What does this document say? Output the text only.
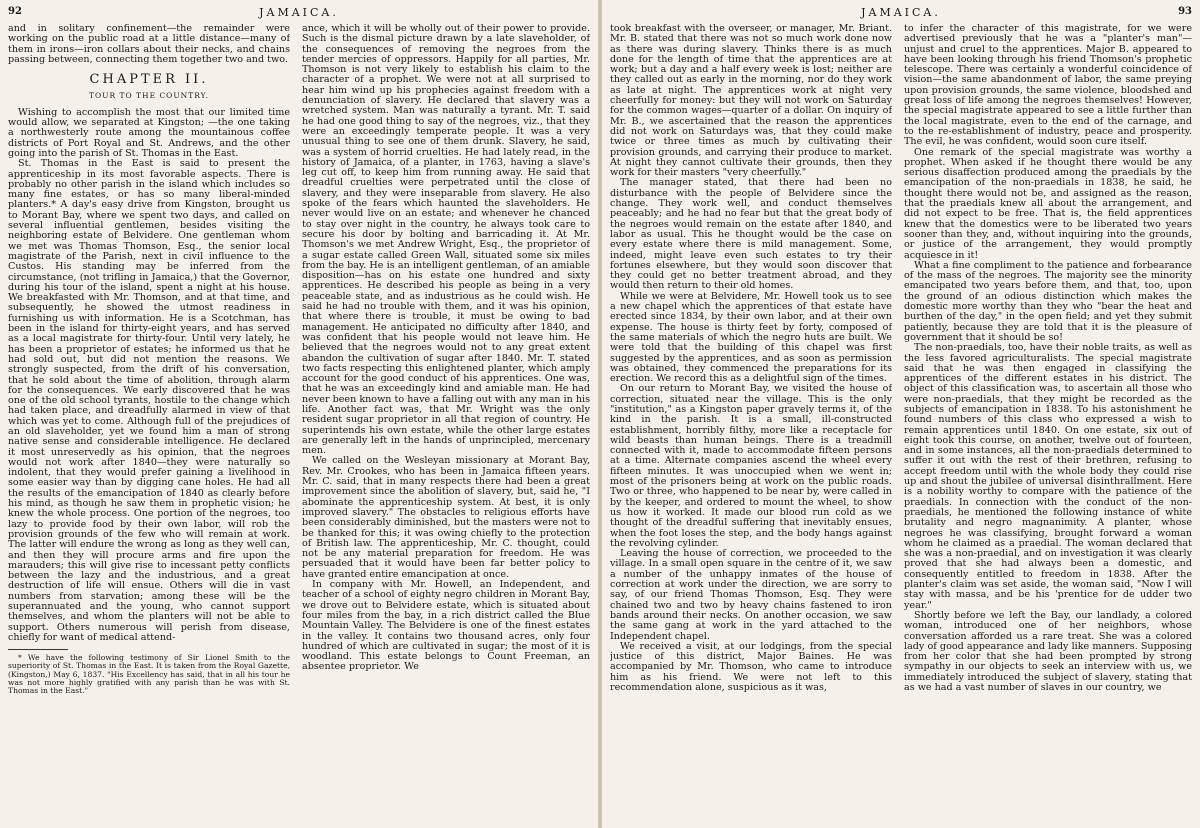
92	JAMAICA.

and in solitary confinement—the remainder were working on the public road at a little distance—many of them in irons—iron collars about their necks, and chains passing between, connecting them together two and two.

CHAPTER II.
TOUR TO THE COUNTRY.

Wishing to accomplish the most that our limited time would allow, we separated at Kingston; —the one taking a northwesterly route among the mountainous coffee districts of Port Royal and St. Andrews, and the other going into the parish of St. Thomas in the East.

St. Thomas in the East is said to present the apprenticeship in its most favorable aspects. There is probably no other parish in the island which includes so many fine estates, or has so many liberal-minded planters.* A day's easy drive from Kingston, brought us to Morant Bay, where we spent two days, and called on several influential gentlemen, besides visiting the neighboring estate of Belvidere. One gentleman whom we met was Thomas Thomson, Esq., the senior local magistrate of the Parish, next in civil influence to the Custos. His standing may be inferred from the circumstance, (not trifling in Jamaica,) that the Governor, during his tour of the island, spent a night at his house. We breakfasted with Mr. Thomson, and at that time, and subsequently, he showed the utmost readiness in furnishing us with information. He is a Scotchman, has been in the island for thirty-eight years, and has served as a local magistrate for thirty-four. Until very lately, he has been a proprietor of estates; he informed us that he had sold out, but did not mention the reasons. We strongly suspected, from the drift of his conversation, that he sold about the time of abolition, through alarm for the consequences. We early discovered that he was one of the old school tyrants, hostile to the change which had taken place, and dreadfully alarmed in view of that which was yet to come. Although full of the prejudices of an old slaveholder, yet we found him a man of strong native sense and considerable intelligence. He declared it most unreservedly as his opinion, that the negroes would not work after 1840—they were naturally so indolent, that they would prefer gaining a livelihood in some easier way than by digging cane holes. He had all the results of the emancipation of 1840 as clearly before his mind, as though he saw them in prophetic vision; he knew the whole process. One portion of the negroes, too lazy to provide food by their own labor, will rob the provision grounds of the few who will remain at work. The latter will endure the wrong as long as they well can, and then they will procure arms and fire upon the marauders; this will give rise to incessant petty conflicts between the lazy and the industrious, and a great destruction of life will ensue. Others will die in vast numbers from starvation; among these will be the superannuated and the young, who cannot support themselves, and whom the planters will not be able to support. Others numerous will perish from disease, chiefly for want of medical attend-

* We have the following testimony of Sir Lionel Smith to the superiority of St. Thomas in the East. It is taken from the Royal Gazette, (Kingston,) May 6, 1837. "His Excellency has said, that in all his tour he was not more highly gratified with any parish than he was with St. Thomas in the East."

ance, which it will be wholly out of their power to provide. Such is the dismal picture drawn by a late slaveholder, of the consequences of removing the negroes from the tender mercies of oppressors. Happily for all parties, Mr. Thomson is not very likely to establish his claim to the character of a prophet. We were not at all surprised to hear him wind up his prophecies against freedom with a denunciation of slavery. He declared that slavery was a wretched system. Man was naturally a tyrant. Mr. T. said he had one good thing to say of the negroes, viz., that they were an exceedingly temperate people. It was a very unusual thing to see one of them drunk. Slavery, he said, was a system of horrid cruelties. He had lately read, in the history of Jamaica, of a planter, in 1763, having a slave's leg cut off, to keep him from running away. He said that dreadful cruelties were perpetrated until the close of slavery, and they were inseparable from slavery. He also spoke of the fears which haunted the slaveholders. He never would live on an estate; and whenever he chanced to stay over night in the country, he always took care to secure his door by bolting and barricading it. At Mr. Thomson's we met Andrew Wright, Esq., the proprietor of a sugar estate called Green Wall, situated some six miles from the bay. He is an intelligent gentleman, of an amiable disposition—has on his estate one hundred and sixty apprentices. He described his people as being in a very peaceable state, and as industrious as he could wish. He said he had no trouble with them, and it was his opinion, that where there is trouble, it must be owing to bad management. He anticipated no difficulty after 1840, and was confident that his people would not leave him. He believed that the negroes would not to any great extent abandon the cultivation of sugar after 1840. Mr. T. stated two facts respecting this enlightened planter, which amply account for the good conduct of his apprentices. One was, that he was an exceedingly kind and amiable man. He had never been known to have a falling out with any man in his life. Another fact was, that Mr. Wright was the only resident sugar proprietor in all that region of country. He superintends his own estate, while the other large estates are generally left in the hands of unprincipled, mercenary men.

We called on the Wesleyan missionary at Morant Bay, Rev. Mr. Crookes, who has been in Jamaica fifteen years. Mr. C. said, that in many respects there had been a great improvement since the abolition of slavery, but, said he, "I abominate the apprenticeship system. At best, it is only improved slavery." The obstacles to religious efforts have been considerably diminished, but the masters were not to be thanked for this; it was owing chiefly to the protection of British law. The apprenticeship, Mr. C. thought, could not be any material preparation for freedom. He was persuaded that it would have been far better policy to have granted entire emancipation at once.

In company with Mr. Howell, an Independent, and teacher of a school of eighty negro children in Morant Bay, we drove out to Belvidere estate, which is situated about four miles from the bay, in a rich district called the Blue Mountain Valley. The Belvidere is one of the finest estates in the valley. It contains two thousand acres, only four hundred of which are cultivated in sugar; the most of it is woodland. This estate belongs to Count Freeman, an absentee proprietor. We

JAMAICA.	93

took breakfast with the overseer, or manager, Mr. Briant. Mr. B. stated that there was not so much work done now as there was during slavery. Thinks there is as much done for the length of time that the apprentices are at work; but a day and a half every week is lost; neither are they called out as early in the morning, nor do they work as late at night. The apprentices work at night very cheerfully for money: but they will not work on Saturday for the common wages—quarter of a dollar. On inquiry of Mr. B., we ascertained that the reason the apprentices did not work on Saturdays was, that they could make twice or three times as much by cultivating their provision grounds, and carrying their produce to market. At night they cannot cultivate their grounds, then they work for their masters "very cheerfully."

The manager stated, that there had been no disturbance with the people of Belvidere since the change. They work well, and conduct themselves peaceably; and he had no fear but that the great body of the negroes would remain on the estate after 1840, and labor as usual. This he thought would be the case on every estate where there is mild management. Some, indeed, might leave even such estates to try their fortunes elsewhere, but they would soon discover that they could get no better treatment abroad, and they would then return to their old homes.

While we were at Belvidere, Mr. Howell took us to see a new chapel which the apprentices of that estate have erected since 1834, by their own labor, and at their own expense. The house is thirty feet by forty, composed of the same materials of which the negro huts are built. We were told that the building of this chapel was first suggested by the apprentices, and as soon as permission was obtained, they commenced the preparations for its erection. We record this as a delightful sign of the times.

On our return to Morant Bay, we visited the house of correction, situated near the village. This is the only "institution," as a Kingston paper gravely terms it, of the kind in the parish. It is a small, ill-constructed establishment, horribly filthy, more like a receptacle for wild beasts than human beings. There is a treadmill connected with it, made to accommodate fifteen persons at a time. Alternate companies ascend the wheel every fifteen minutes. It was unoccupied when we went in; most of the prisoners being at work on the public roads. Two or three, who happened to be near by, were called in by the keeper, and ordered to mount the wheel, to show us how it worked. It made our blood run cold as we thought of the dreadful suffering that inevitably ensues, when the foot loses the step, and the body hangs against the revolving cylinder.

Leaving the house of correction, we proceeded to the village. In a small open square in the centre of it, we saw a number of the unhappy inmates of the house of correction at work under the direction, we are sorry to say, of our friend Thomas Thomson, Esq. They were chained two and two by heavy chains fastened to iron bands around their necks. On another occasion, we saw the same gang at work in the yard attached to the Independent chapel.

We received a visit, at our lodgings, from the special justice of this district, Major Baines. He was accompanied by Mr. Thomson, who came to introduce him as his friend. We were not left to this recommendation alone, suspicious as it was,

to infer the character of this magistrate, for we were advertised previously that he was a "planter's man"—unjust and cruel to the apprentices. Major B. appeared to have been looking through his friend Thomson's prophetic telescope. There was certainly a wonderful coincidence of vision—the same abandonment of labor, the same preying upon provision grounds, the same violence, bloodshed and great loss of life among the negroes themselves! However, the special magistrate appeared to see a little further than the local magistrate, even to the end of the carnage, and to the re-establishment of industry, peace and prosperity. The evil, he was confident, would soon cure itself.

One remark of the special magistrate was worthy a prophet. When asked if he thought there would be any serious disaffection produced among the praedials by the emancipation of the non-praedials in 1838, he said, he thought there would not be, and assigned as the reason, that the praedials knew all about the arrangement, and did not expect to be free. That is, the field apprentices knew that the domestics were to be liberated two years sooner than they, and, without inquiring into the grounds, or justice of the arrangement, they would promptly acquiesce in it!

What a fine compliment to the patience and forbearance of the mass of the negroes. The majority see the minority emancipated two years before them, and that, too, upon the ground of an odious distinction which makes the domestic more worthy than they who "bear the heat and burthen of the day," in the open field; and yet they submit patiently, because they are told that it is the pleasure of government that it should be so!

The non-praedials, too, have their noble traits, as well as the less favored agriculturalists. The special magistrate said that he was then engaged in classifying the apprentices of the different estates in his district. The object of this classification was, to ascertain all those who were non-praedials, that they might be recorded as the subjects of emancipation in 1838. To his astonishment he found numbers of this class who expressed a wish to remain apprentices until 1840. On one estate, six out of eight took this course, on another, twelve out of fourteen, and in some instances, all the non-praedials determined to suffer it out with the rest of their brethren, refusing to accept freedom until with the whole body they could rise up and shout the jubilee of universal disinthrallment. Here is a nobility worthy to compare with the patience of the praedials. In connection with the conduct of the non-praedials, he mentioned the following instance of white brutality and negro magnanimity. A planter, whose negroes he was classifying, brought forward a woman whom he claimed as a praedial. The woman declared that she was a non-praedial, and on investigation it was clearly proved that she had always been a domestic, and consequently entitled to freedom in 1838. After the planter's claim was set aside, the woman said, "Now I will stay with massa, and be his 'prentice for de udder two year."

Shortly before we left the Bay, our landlady, a colored woman, introduced one of her neighbors, whose conversation afforded us a rare treat. She was a colored lady of good appearance and lady like manners. Supposing from her color that she had been prompted by strong sympathy in our objects to seek an interview with us, we immediately introduced the subject of slavery, stating that as we had a vast number of slaves in our country, we
